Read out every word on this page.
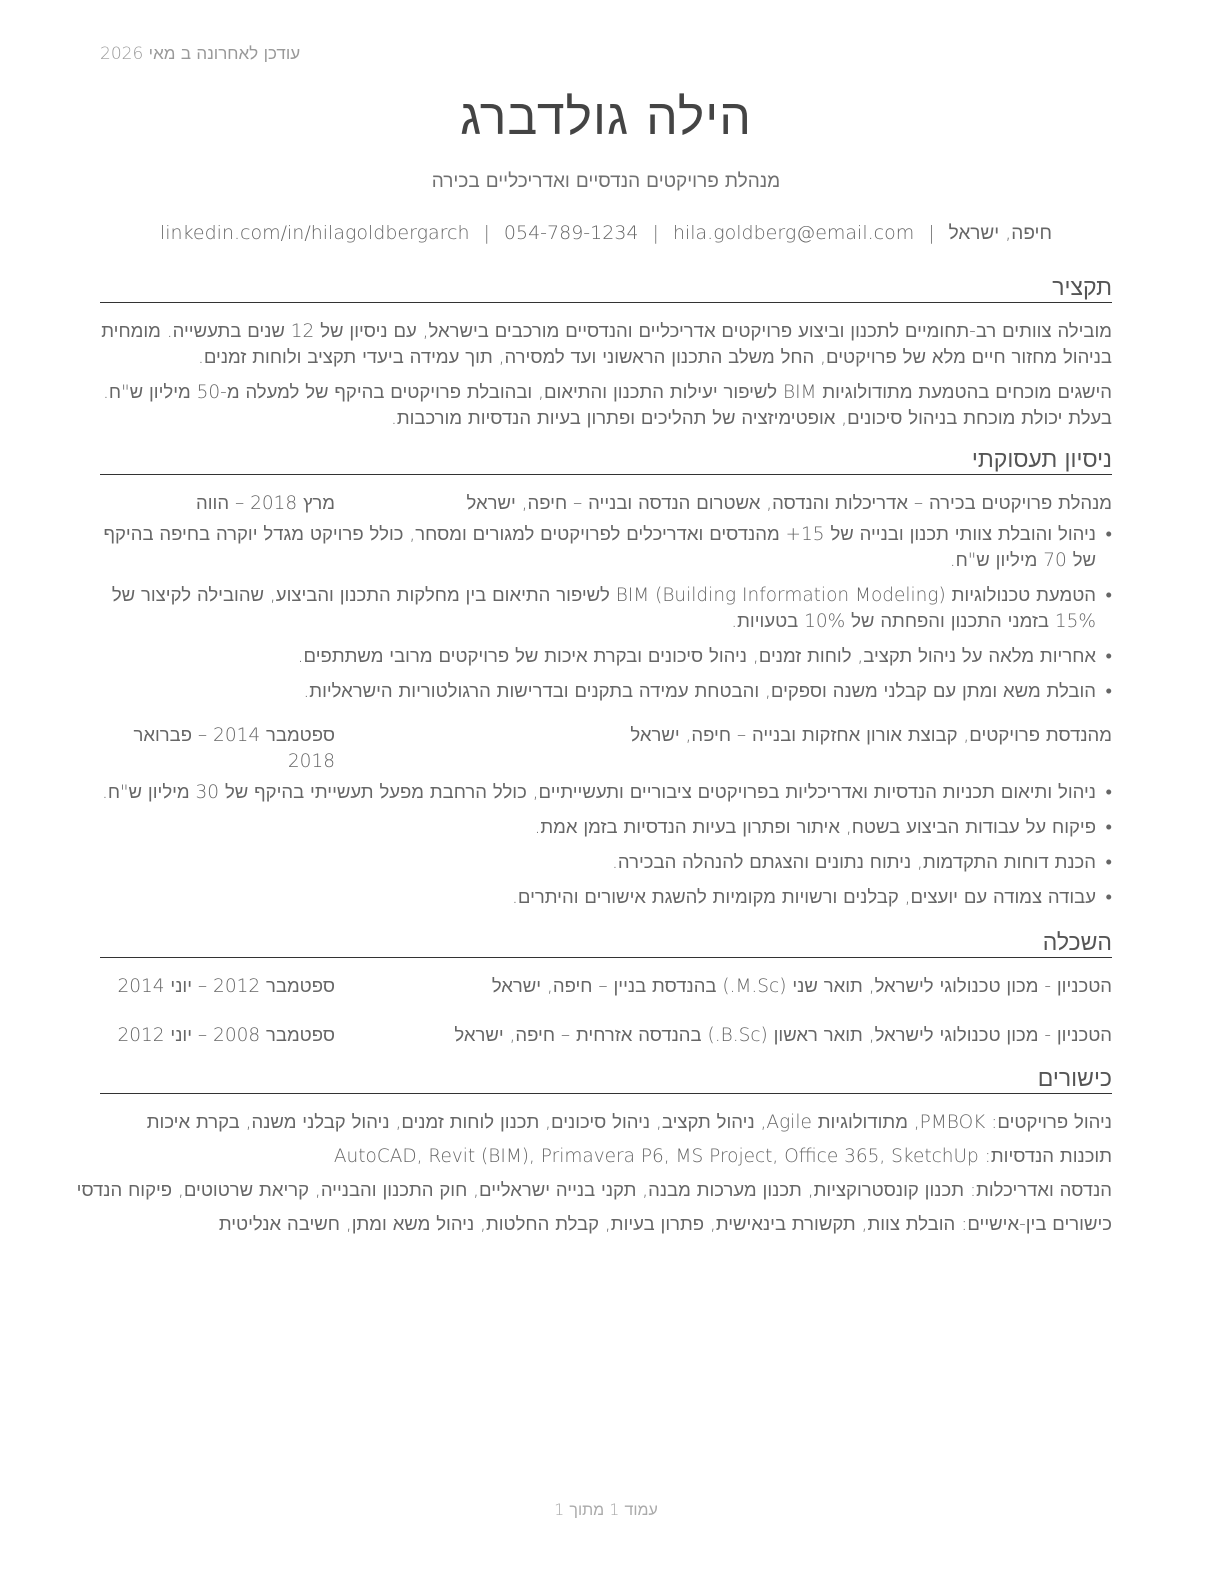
עודכן לאחרונה ב מאי 2026
הילה גולדברג
מנהלת פרויקטים הנדסיים ואדריכליים בכירה
חיפה, ישראל|hila.goldberg@email.com|054-789-1234|linkedin.com/in/hilagoldbergarch
תקציר
מובילה צוותים רב-תחומיים לתכנון וביצוע פרויקטים אדריכליים והנדסיים מורכבים בישראל, עם ניסיון של 12 שנים בתעשייה. מומחית בניהול מחזור חיים מלא של פרויקטים, החל משלב התכנון הראשוני ועד למסירה, תוך עמידה ביעדי תקציב ולוחות זמנים.
הישגים מוכחים בהטמעת מתודולוגיות BIM לשיפור יעילות התכנון והתיאום, ובהובלת פרויקטים בהיקף של למעלה מ-50 מיליון ש"ח. בעלת יכולת מוכחת בניהול סיכונים, אופטימיזציה של תהליכים ופתרון בעיות הנדסיות מורכבות.
ניסיון תעסוקתי
מנהלת פרויקטים בכירה – אדריכלות והנדסה, אשטרום הנדסה ובנייה – חיפה, ישראל
מרץ 2018 – הווה
•
ניהול והובלת צוותי תכנון ובנייה של 15+ מהנדסים ואדריכלים לפרויקטים למגורים ומסחר, כולל פרויקט מגדל יוקרה בחיפה בהיקף של 70 מיליון ש"ח.
•
הטמעת טכנולוגיות BIM (Building Information Modeling) לשיפור התיאום בין מחלקות התכנון והביצוע, שהובילה לקיצור של 15% בזמני התכנון והפחתה של 10% בטעויות.
•
אחריות מלאה על ניהול תקציב, לוחות זמנים, ניהול סיכונים ובקרת איכות של פרויקטים מרובי משתתפים.
•
הובלת משא ומתן עם קבלני משנה וספקים, והבטחת עמידה בתקנים ובדרישות הרגולטוריות הישראליות.
מהנדסת פרויקטים, קבוצת אורון אחזקות ובנייה – חיפה, ישראל
ספטמבר 2014 – פברואר 2018
•
ניהול ותיאום תכניות הנדסיות ואדריכליות בפרויקטים ציבוריים ותעשייתיים, כולל הרחבת מפעל תעשייתי בהיקף של 30 מיליון ש"ח.
•
פיקוח על עבודות הביצוע בשטח, איתור ופתרון בעיות הנדסיות בזמן אמת.
•
הכנת דוחות התקדמות, ניתוח נתונים והצגתם להנהלה הבכירה.
•
עבודה צמודה עם יועצים, קבלנים ורשויות מקומיות להשגת אישורים והיתרים.
השכלה
הטכניון - מכון טכנולוגי לישראל, תואר שני (M.Sc.) בהנדסת בניין – חיפה, ישראל
ספטמבר 2012 – יוני 2014
הטכניון - מכון טכנולוגי לישראל, תואר ראשון (B.Sc.) בהנדסה אזרחית – חיפה, ישראל
ספטמבר 2008 – יוני 2012
כישורים
ניהול פרויקטים: PMBOK, מתודולוגיות Agile, ניהול תקציב, ניהול סיכונים, תכנון לוחות זמנים, ניהול קבלני משנה, בקרת איכות
תוכנות הנדסיות: AutoCAD, Revit (BIM), Primavera P6, MS Project, Office 365, SketchUp
הנדסה ואדריכלות: תכנון קונסטרוקציות, תכנון מערכות מבנה, תקני בנייה ישראליים, חוק התכנון והבנייה, קריאת שרטוטים, פיקוח הנדסי
כישורים בין-אישיים: הובלת צוות, תקשורת בינאישית, פתרון בעיות, קבלת החלטות, ניהול משא ומתן, חשיבה אנליטית
עמוד 1 מתוך 1
